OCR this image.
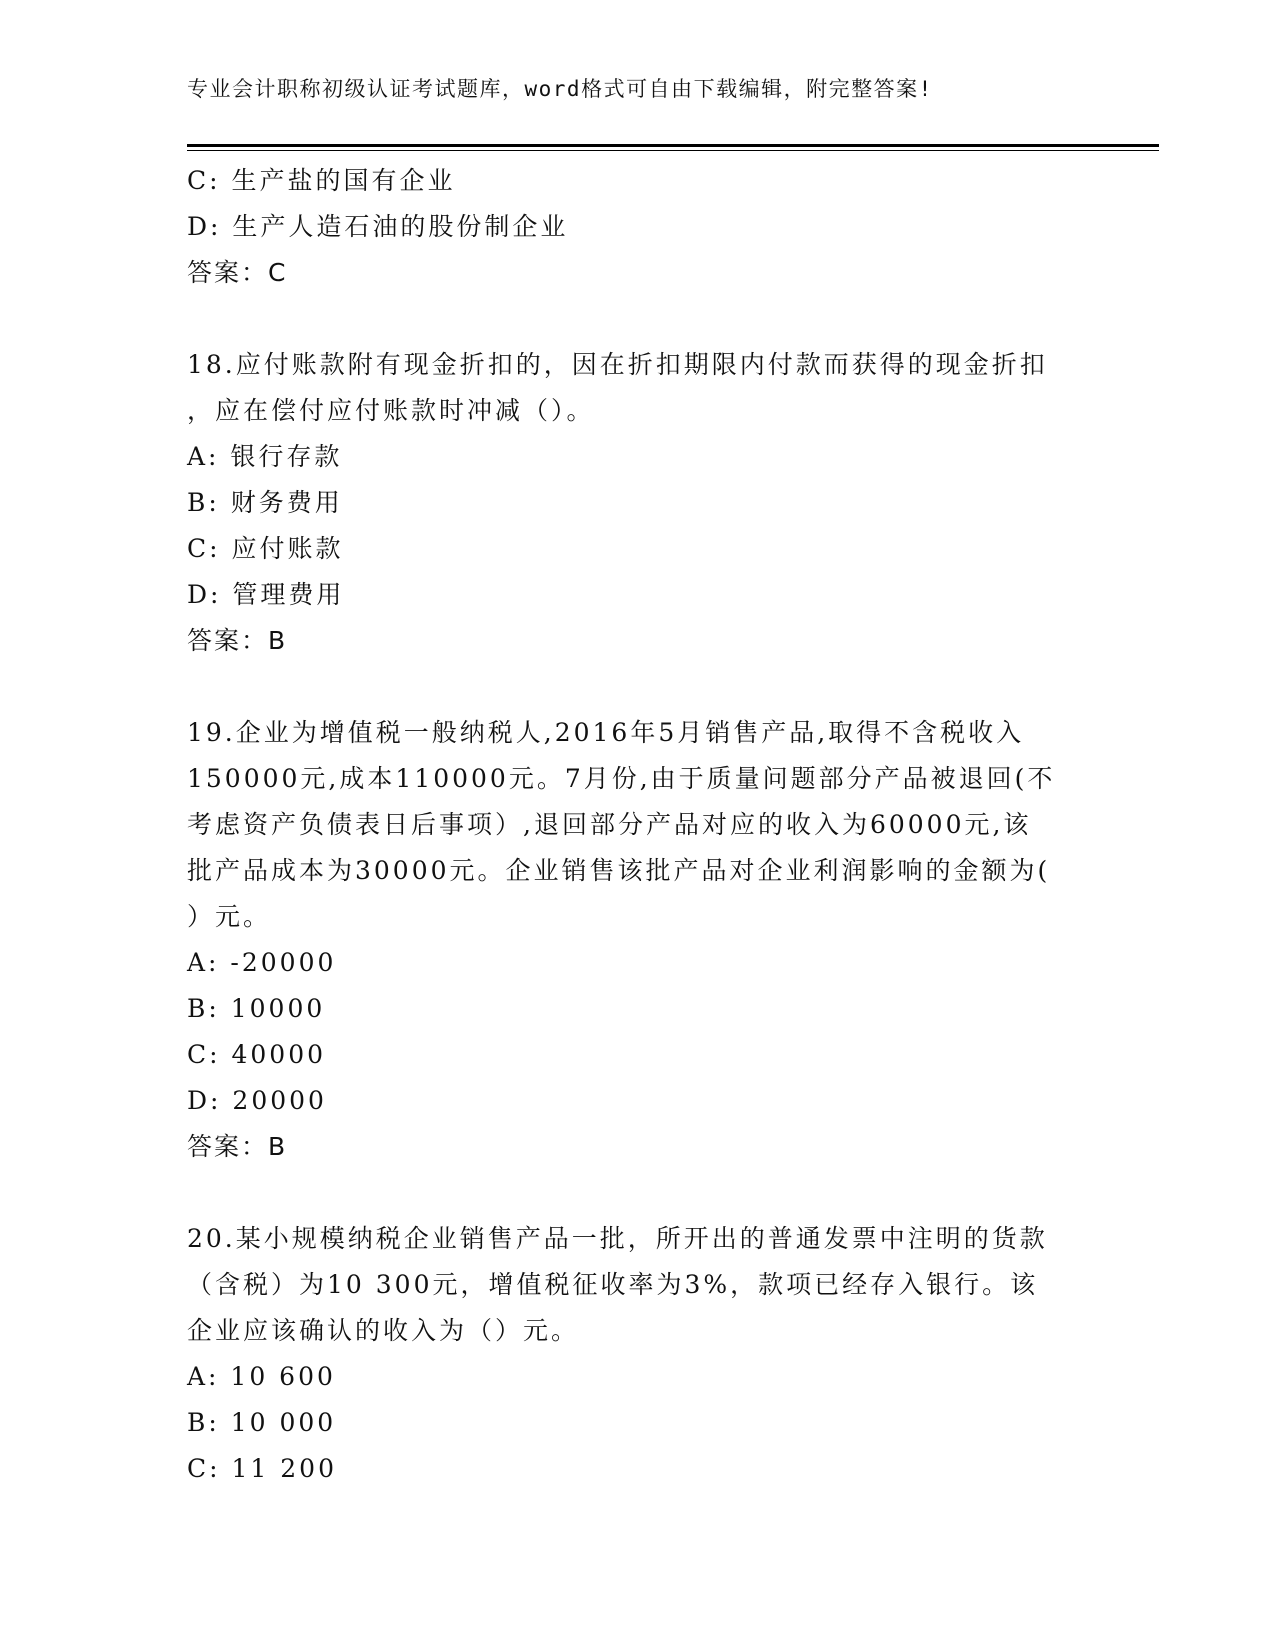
专业会计职称初级认证考试题库，word格式可自由下载编辑，附完整答案!
C: 生产盐的国有企业
D: 生产人造石油的股份制企业
答案：C
18.应付账款附有现金折扣的，因在折扣期限内付款而获得的现金折扣
，应在偿付应付账款时冲减（）。
A: 银行存款
B: 财务费用
C: 应付账款
D: 管理费用
答案：B
19.企业为增值税一般纳税人,2016年5月销售产品,取得不含税收入
150000元,成本110000元。7月份,由于质量问题部分产品被退回(不
考虑资产负债表日后事项）,退回部分产品对应的收入为60000元,该
批产品成本为30000元。企业销售该批产品对企业利润影响的金额为(
）元。
A: -20000
B: 10000
C: 40000
D: 20000
答案：B
20.某小规模纳税企业销售产品一批，所开出的普通发票中注明的货款
（含税）为10 300元，增值税征收率为3%，款项已经存入银行。该
企业应该确认的收入为（）元。
A: 10 600
B: 10 000
C: 11 200
